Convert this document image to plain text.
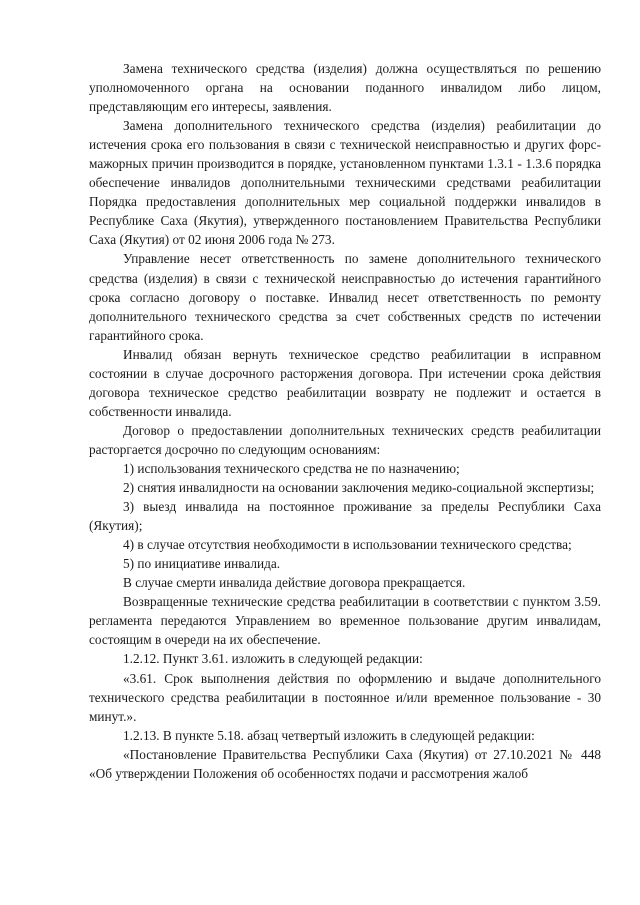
Замена технического средства (изделия) должна осуществляться по решению уполномоченного органа на основании поданного инвалидом либо лицом, представляющим его интересы, заявления.

Замена дополнительного технического средства (изделия) реабилитации до истечения срока его пользования в связи с технической неисправностью и других форс-мажорных причин производится в порядке, установленном пунктами 1.3.1 - 1.3.6 порядка обеспечение инвалидов дополнительными техническими средствами реабилитации Порядка предоставления дополнительных мер социальной поддержки инвалидов в Республике Саха (Якутия), утвержденного постановлением Правительства Республики Саха (Якутия) от 02 июня 2006 года № 273.

Управление несет ответственность по замене дополнительного технического средства (изделия) в связи с технической неисправностью до истечения гарантийного срока согласно договору о поставке. Инвалид несет ответственность по ремонту дополнительного технического средства за счет собственных средств по истечении гарантийного срока.

Инвалид обязан вернуть техническое средство реабилитации в исправном состоянии в случае досрочного расторжения договора. При истечении срока действия договора техническое средство реабилитации возврату не подлежит и остается в собственности инвалида.

Договор о предоставлении дополнительных технических средств реабилитации расторгается досрочно по следующим основаниям:

1) использования технического средства не по назначению;

2) снятия инвалидности на основании заключения медико-социальной экспертизы;

3) выезд инвалида на постоянное проживание за пределы Республики Саха (Якутия);

4) в случае отсутствия необходимости в использовании технического средства;

5) по инициативе инвалида.

В случае смерти инвалида действие договора прекращается.

Возвращенные технические средства реабилитации в соответствии с пунктом 3.59. регламента передаются Управлением во временное пользование другим инвалидам, состоящим в очереди на их обеспечение.

1.2.12. Пункт 3.61. изложить в следующей редакции:

«3.61. Срок выполнения действия по оформлению и выдаче дополнительного технического средства реабилитации в постоянное и/или временное пользование - 30 минут.».

1.2.13. В пункте 5.18. абзац четвертый изложить в следующей редакции:

«Постановление Правительства Республики Саха (Якутия) от 27.10.2021 № 448 «Об утверждении Положения об особенностях подачи и рассмотрения жалоб
